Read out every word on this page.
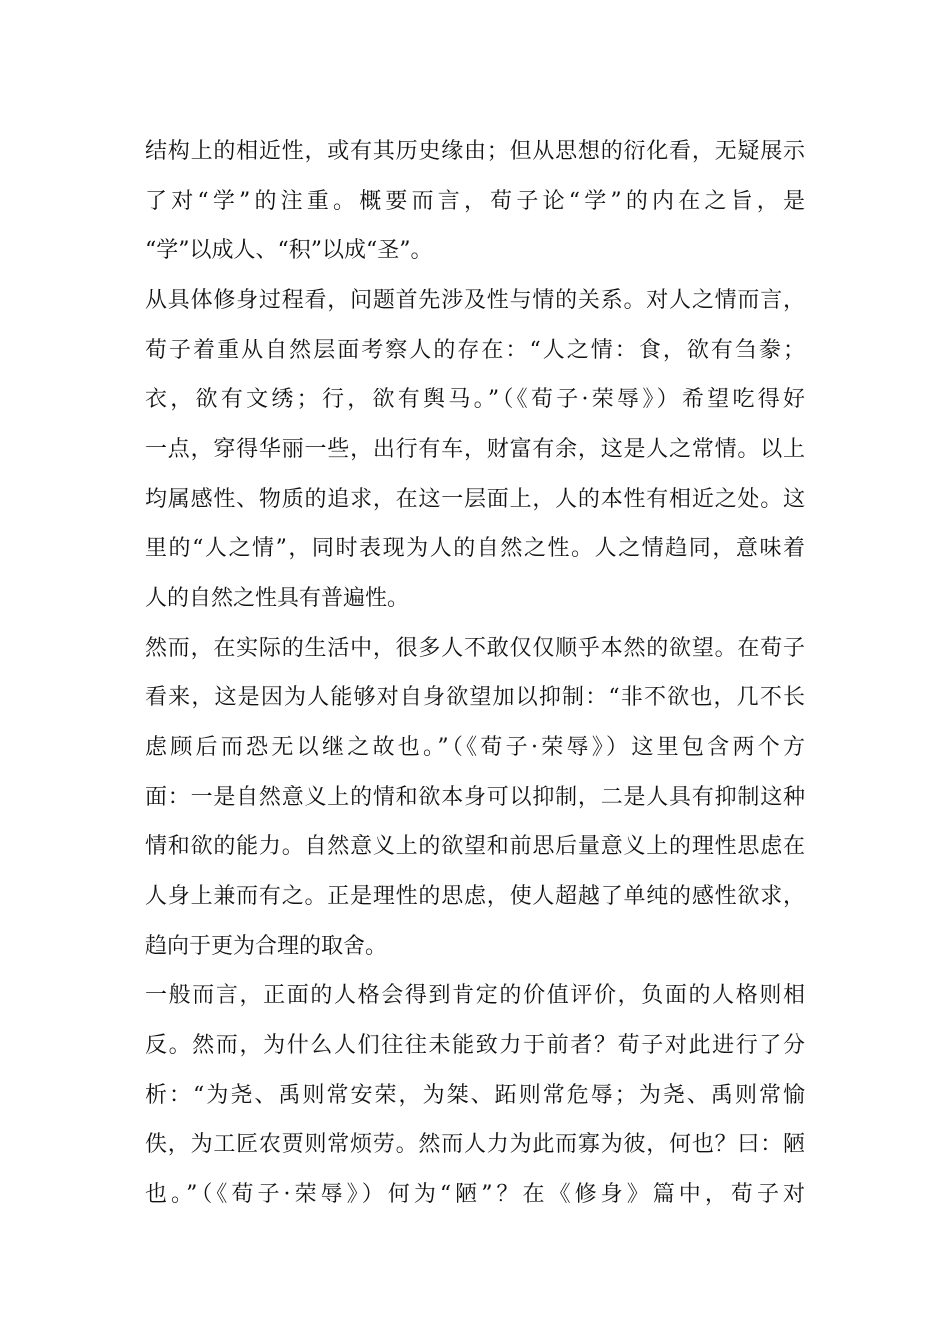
结构上的相近性，或有其历史缘由；但从思想的衍化看，无疑展示
了对“学”的注重。概要而言，荀子论“学”的内在之旨，是
“学”以成人、“积”以成“圣”。
从具体修身过程看，问题首先涉及性与情的关系。对人之情而言，
荀子着重从自然层面考察人的存在：“人之情：食，欲有刍豢；
衣，欲有文绣；行，欲有舆马。”（《荀子·荣辱》）希望吃得好
一点，穿得华丽一些，出行有车，财富有余，这是人之常情。以上
均属感性、物质的追求，在这一层面上，人的本性有相近之处。这
里的“人之情”，同时表现为人的自然之性。人之情趋同，意味着
人的自然之性具有普遍性。
然而，在实际的生活中，很多人不敢仅仅顺乎本然的欲望。在荀子
看来，这是因为人能够对自身欲望加以抑制：“非不欲也，几不长
虑顾后而恐无以继之故也。”（《荀子·荣辱》）这里包含两个方
面：一是自然意义上的情和欲本身可以抑制，二是人具有抑制这种
情和欲的能力。自然意义上的欲望和前思后量意义上的理性思虑在
人身上兼而有之。正是理性的思虑，使人超越了单纯的感性欲求，
趋向于更为合理的取舍。
一般而言，正面的人格会得到肯定的价值评价，负面的人格则相
反。然而，为什么人们往往未能致力于前者？荀子对此进行了分
析：“为尧、禹则常安荣，为桀、跖则常危辱；为尧、禹则常愉
佚，为工匠农贾则常烦劳。然而人力为此而寡为彼，何也？曰：陋
也。”（《荀子·荣辱》）何为“陋”？在《修身》篇中，荀子对
